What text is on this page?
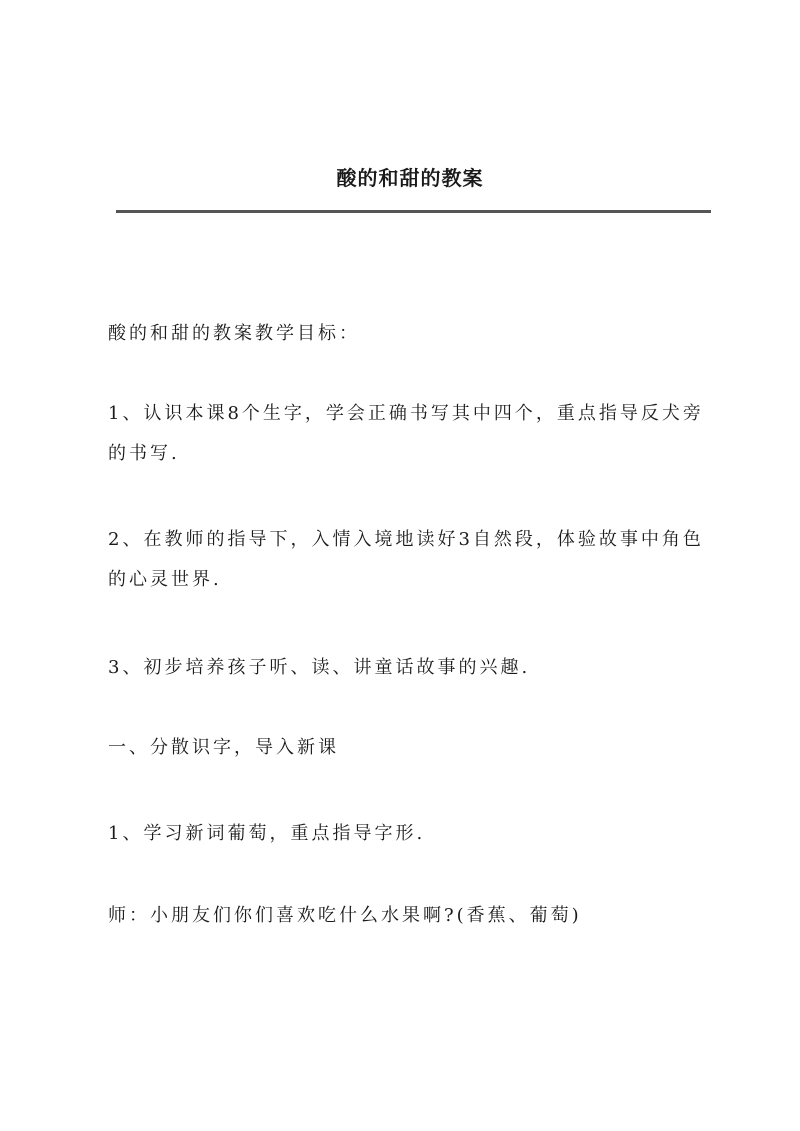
酸的和甜的教案

酸的和甜的教案教学目标：

1、认识本课8个生字，学会正确书写其中四个，重点指导反犬旁的书写.

2、在教师的指导下，入情入境地读好3自然段，体验故事中角色的心灵世界.

3、初步培养孩子听、读、讲童话故事的兴趣.

一、分散识字，导入新课

1、学习新词葡萄，重点指导字形.

师：小朋友们你们喜欢吃什么水果啊?(香蕉、葡萄)
